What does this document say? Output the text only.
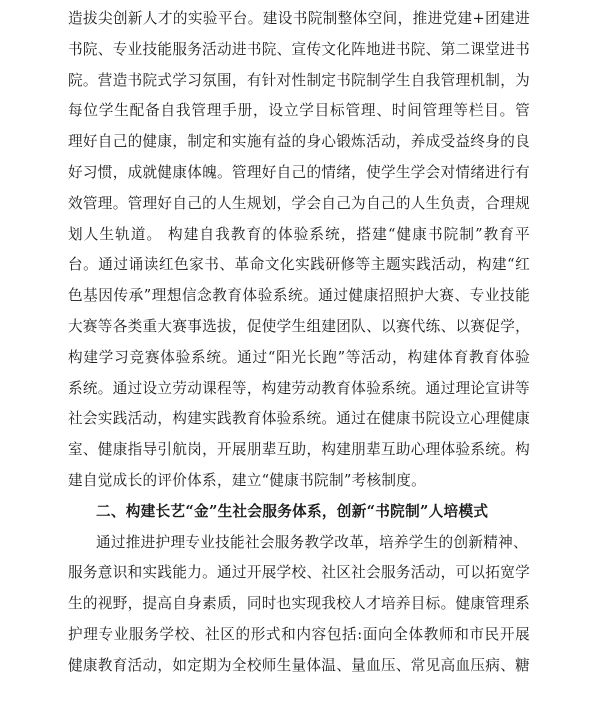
造拔尖创新人才的实验平台。建设书院制整体空间，推进党建+团建进
书院、专业技能服务活动进书院、宣传文化阵地进书院、第二课堂进书
院。营造书院式学习氛围，有针对性制定书院制学生自我管理机制，为
每位学生配备自我管理手册，设立学目标管理、时间管理等栏目。管
理好自己的健康，制定和实施有益的身心锻炼活动，养成受益终身的良
好习惯，成就健康体魄。管理好自己的情绪，使学生学会对情绪进行有
效管理。管理好自己的人生规划，学会自己为自己的人生负责，合理规
划人生轨道。 构建自我教育的体验系统，搭建“健康书院制”教育平
台。通过诵读红色家书、革命文化实践研修等主题实践活动，构建“红
色基因传承”理想信念教育体验系统。通过健康招照护大赛、专业技能
大赛等各类重大赛事选拔，促使学生组建团队、以赛代练、以赛促学，
构建学习竞赛体验系统。通过“阳光长跑”等活动，构建体育教育体验
系统。通过设立劳动课程等，构建劳动教育体验系统。通过理论宣讲等
社会实践活动，构建实践教育体验系统。通过在健康书院设立心理健康
室、健康指导引航岗，开展朋辈互助，构建朋辈互助心理体验系统。构
建自觉成长的评价体系，建立“健康书院制”考核制度。
二、构建长艺“金”生社会服务体系，创新“书院制”人培模式
通过推进护理专业技能社会服务教学改革，培养学生的创新精神、
服务意识和实践能力。通过开展学校、社区社会服务活动，可以拓宽学
生的视野，提高自身素质，同时也实现我校人才培养目标。健康管理系
护理专业服务学校、社区的形式和内容包括:面向全体教师和市民开展
健康教育活动，如定期为全校师生量体温、量血压、常见高血压病、糖
